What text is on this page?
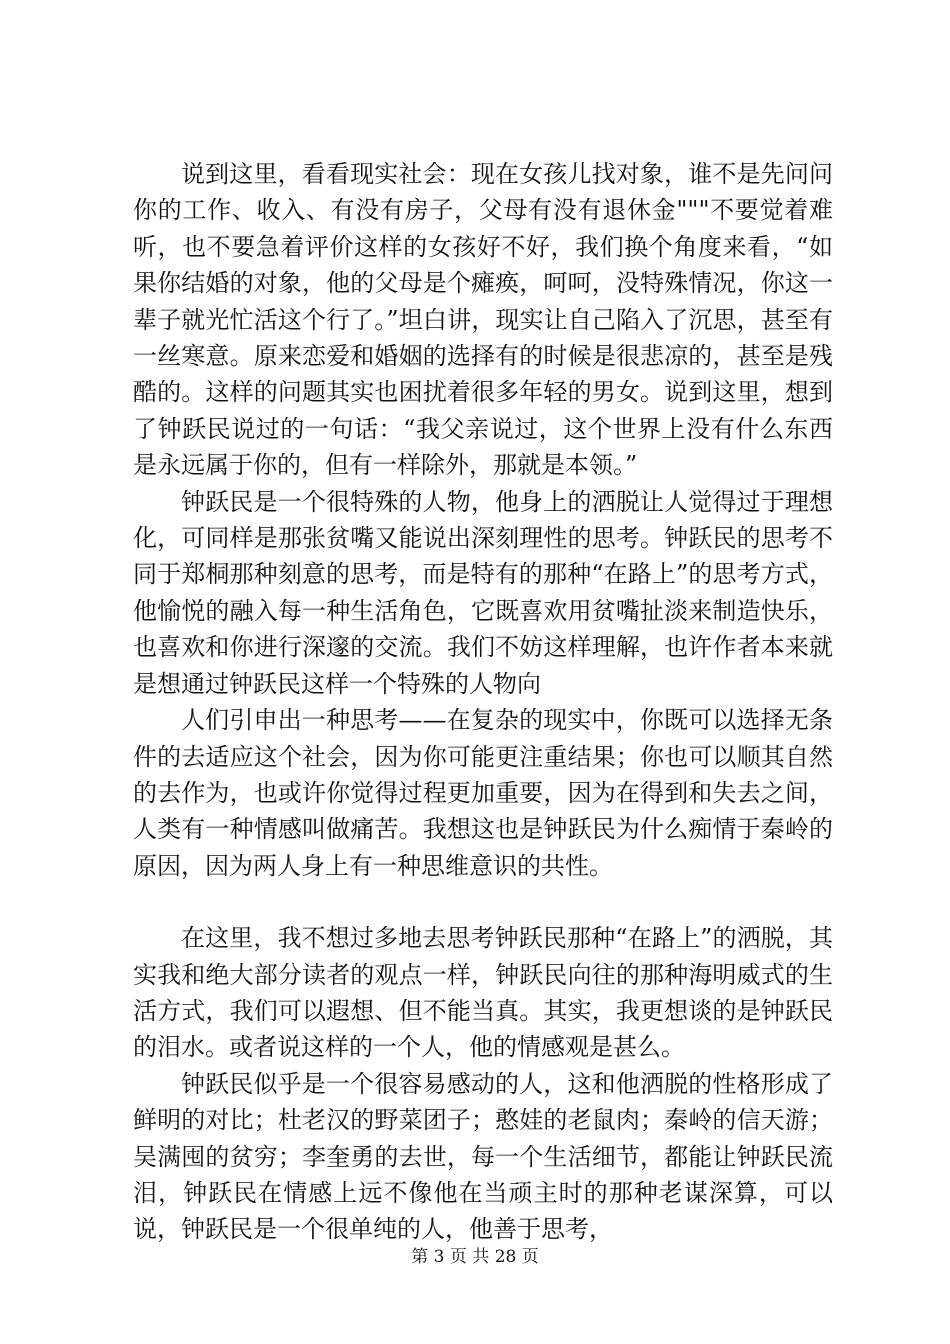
说到这里，看看现实社会：现在女孩儿找对象，谁不是先问问你的工作、收入、有没有房子，父母有没有退休金"""不要觉着难听，也不要急着评价这样的女孩好不好，我们换个角度来看，“如果你结婚的对象，他的父母是个瘫痪，呵呵，没特殊情况，你这一辈子就光忙活这个行了。”坦白讲，现实让自己陷入了沉思，甚至有一丝寒意。原来恋爱和婚姻的选择有的时候是很悲凉的，甚至是残酷的。这样的问题其实也困扰着很多年轻的男女。说到这里，想到了钟跃民说过的一句话：“我父亲说过，这个世界上没有什么东西是永远属于你的，但有一样除外，那就是本领。”

钟跃民是一个很特殊的人物，他身上的洒脱让人觉得过于理想化，可同样是那张贫嘴又能说出深刻理性的思考。钟跃民的思考不同于郑桐那种刻意的思考，而是特有的那种“在路上”的思考方式，他愉悦的融入每一种生活角色，它既喜欢用贫嘴扯淡来制造快乐，也喜欢和你进行深邃的交流。我们不妨这样理解，也许作者本来就是想通过钟跃民这样一个特殊的人物向

人们引申出一种思考——在复杂的现实中，你既可以选择无条件的去适应这个社会，因为你可能更注重结果；你也可以顺其自然的去作为，也或许你觉得过程更加重要，因为在得到和失去之间，人类有一种情感叫做痛苦。我想这也是钟跃民为什么痴情于秦岭的原因，因为两人身上有一种思维意识的共性。

在这里，我不想过多地去思考钟跃民那种“在路上”的洒脱，其实我和绝大部分读者的观点一样，钟跃民向往的那种海明威式的生活方式，我们可以遐想、但不能当真。其实，我更想谈的是钟跃民的泪水。或者说这样的一个人，他的情感观是甚么。

钟跃民似乎是一个很容易感动的人，这和他洒脱的性格形成了鲜明的对比；杜老汉的野菜团子；憨娃的老鼠肉；秦岭的信天游；吴满囤的贫穷；李奎勇的去世，每一个生活细节，都能让钟跃民流泪，钟跃民在情感上远不像他在当顽主时的那种老谋深算，可以说，钟跃民是一个很单纯的人，他善于思考，

第 3 页 共 28 页
